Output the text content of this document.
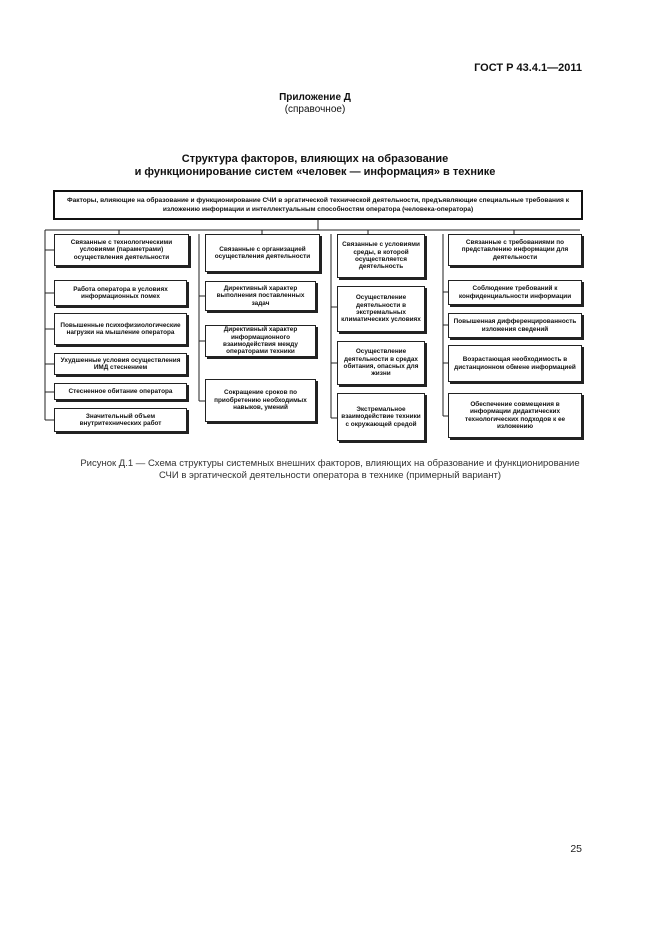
ГОСТ Р 43.4.1—2011
Приложение Д
(справочное)
Структура факторов, влияющих на образование
и функционирование систем «человек — информация» в технике
Факторы, влияющие на образование и функционирование СЧИ в эргатической технической деятельности, предъявляющие специальные требования к изложению информации и интеллектуальным способностям оператора (человека-оператора)
Связанные с технологическими условиями (параметрами) осуществления деятельности
Работа оператора в условиях информационных помех
Повышенные психофизиологические нагрузки на мышление оператора
Ухудшенные условия осуществления ИМД стеснением
Стесненное обитание оператора
Значительный объем внутритехнических работ
Связанные с организацией осуществления деятельности
Директивный характер выполнения поставленных задач
Директивный характер информационного взаимодействия между операторами техники
Сокращение сроков по приобретению необходимых навыков, умений
Связанные с условиями среды, в которой осуществляется деятельность
Осуществление деятельности в экстремальных климатических условиях
Осуществление деятельности в средах обитания, опасных для жизни
Экстремальное взаимодействие техники с окружающей средой
Связанные с требованиями по представлению информации для деятельности
Соблюдение требований к конфиденциальности информации
Повышенная дифференцированность изложения сведений
Возрастающая необходимость в дистанционном обмене информацией
Обеспечение совмещения в информации дидактических технологических подходов к ее изложению
Рисунок Д.1 — Схема структуры системных внешних факторов, влияющих на образование и функционирование
СЧИ в эргатической деятельности оператора в технике (примерный вариант)
25
